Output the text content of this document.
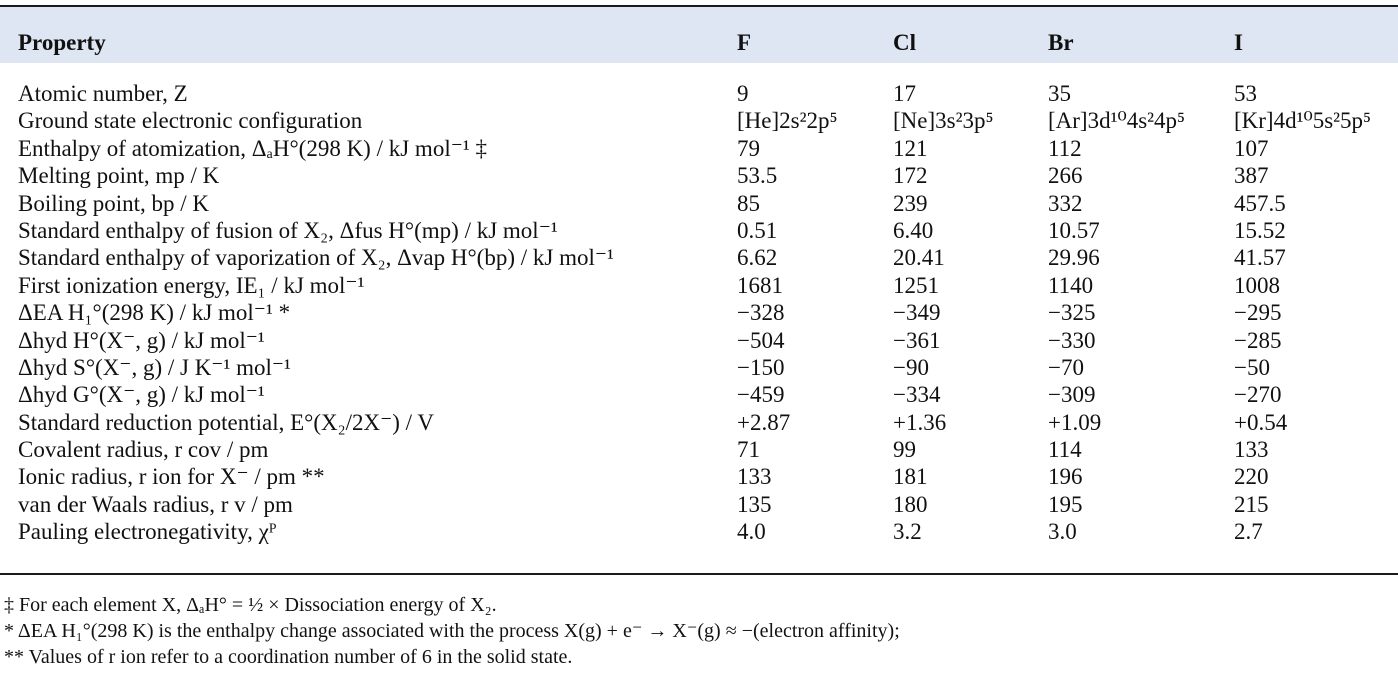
Property	F	Cl	Br	I
Atomic number, Z	9	17	35	53
Ground state electronic configuration	[He]2s²2p⁵ [Ne]3s²3p⁵ [Ar]3d¹⁰4s²4p⁵ [Kr]4d¹⁰5s²5p⁵
Enthalpy of atomization, ΔₐH°(298 K) / kJ mol⁻¹ ‡	79	121	112	107
Melting point, mp / K	53.5	172	266	387
Boiling point, bp / K	85	239	332	457.5
Standard enthalpy of fusion of X₂, Δfus H°(mp) / kJ mol⁻¹	0.51	6.40	10.57	15.52
Standard enthalpy of vaporization of X₂, Δvap H°(bp) / kJ mol⁻¹	6.62	20.41	29.96	41.57
First ionization energy, IE₁ / kJ mol⁻¹	1681	1251	1140	1008
ΔEA H₁°(298 K) / kJ mol⁻¹ *	−328	−349	−325	−295
Δhyd H°(X⁻, g) / kJ mol⁻¹	−504	−361	−330	−285
Δhyd S°(X⁻, g) / J K⁻¹ mol⁻¹	−150	−90	−70	−50
Δhyd G°(X⁻, g) / kJ mol⁻¹	−459	−334	−309	−270
Standard reduction potential, E°(X₂/2X⁻) / V	+2.87	+1.36	+1.09	+0.54
Covalent radius, r cov / pm	71	99	114	133
Ionic radius, r ion for X⁻ / pm **	133	181	196	220
van der Waals radius, r v / pm	135	180	195	215
Pauling electronegativity, χᴾ	4.0	3.2	3.0	2.7
‡ For each element X, ΔₐH° = ½ × Dissociation energy of X₂.
* ΔEA H₁°(298 K) is the enthalpy change associated with the process X(g) + e⁻ → X⁻(g) ≈ −(electron affinity);
** Values of r ion refer to a coordination number of 6 in the solid state.
